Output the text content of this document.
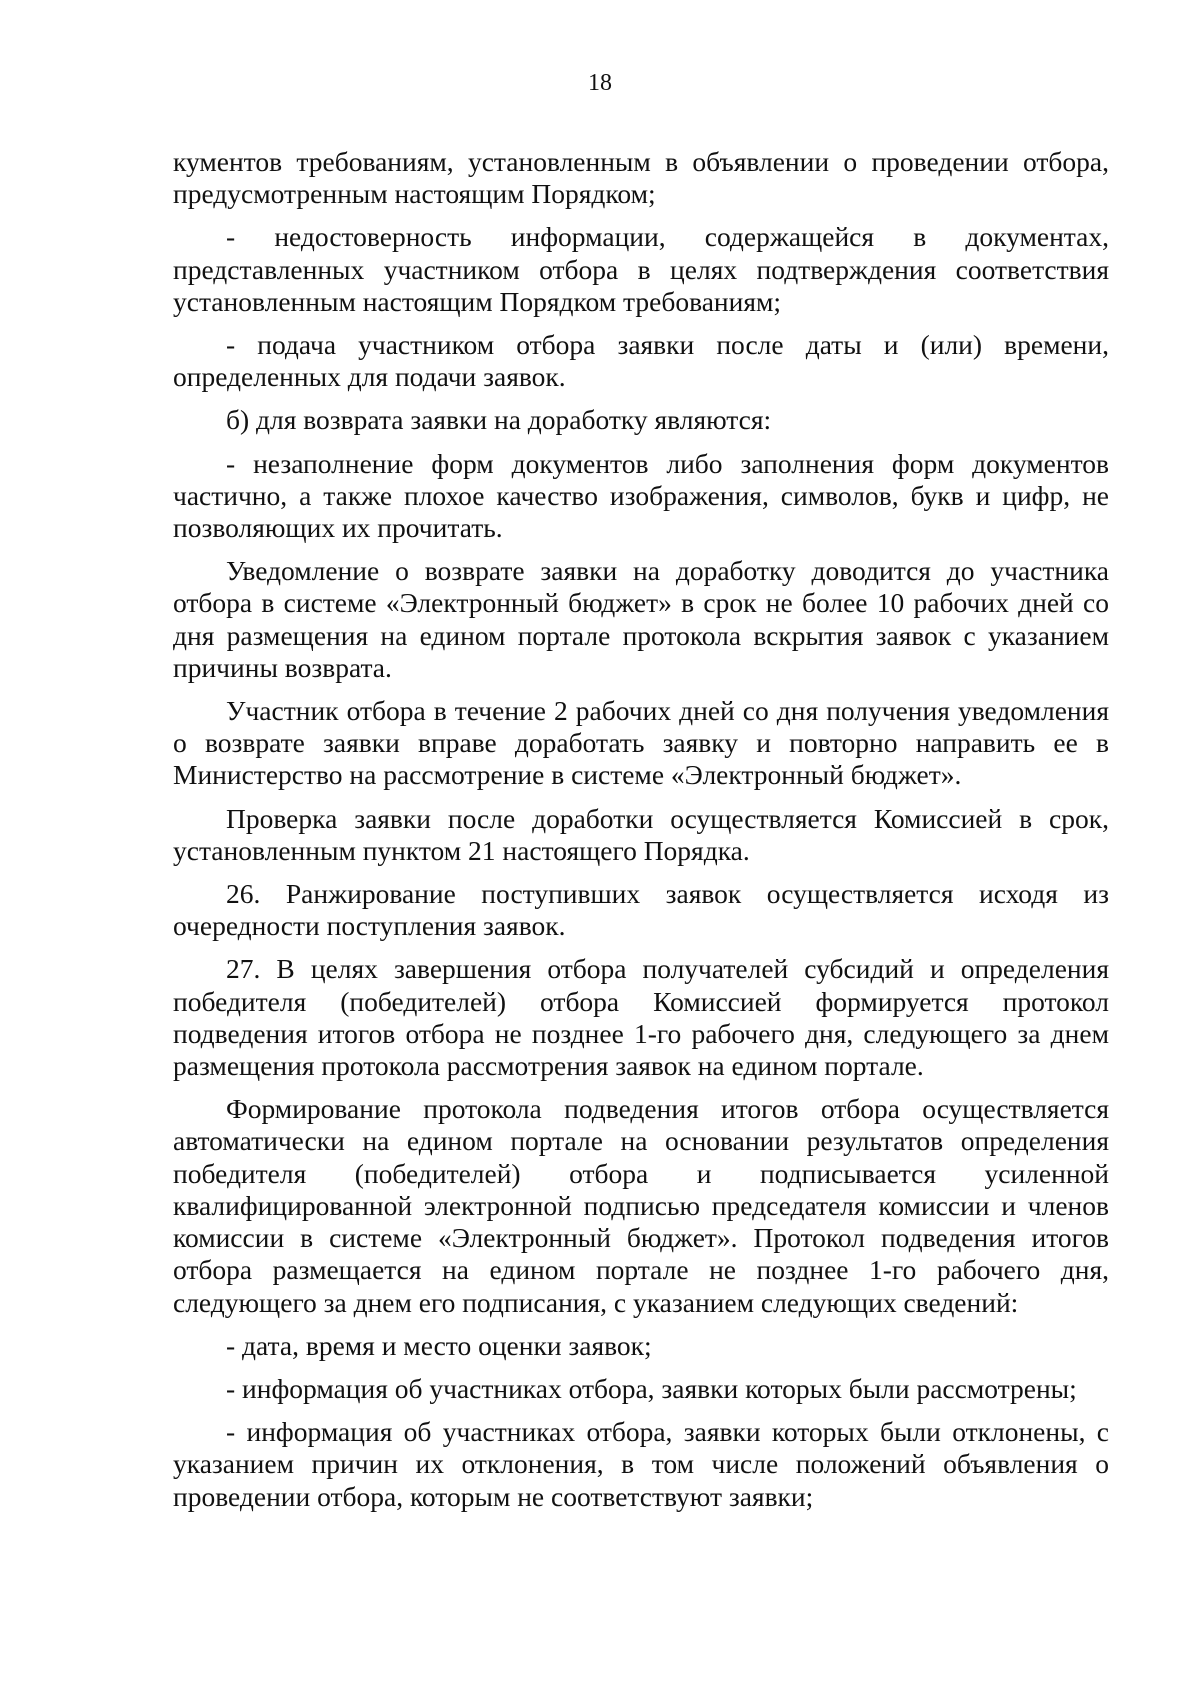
18

кументов требованиям, установленным в объявлении о проведении отбора, предусмотренным настоящим Порядком;

- недостоверность информации, содержащейся в документах, представленных участником отбора в целях подтверждения соответствия установленным настоящим Порядком требованиям;

- подача участником отбора заявки после даты и (или) времени, определенных для подачи заявок.

б) для возврата заявки на доработку являются:

- незаполнение форм документов либо заполнения форм документов частично, а также плохое качество изображения, символов, букв и цифр, не позволяющих их прочитать.

Уведомление о возврате заявки на доработку доводится до участника отбора в системе «Электронный бюджет» в срок не более 10 рабочих дней со дня размещения на едином портале протокола вскрытия заявок с указанием причины возврата.

Участник отбора в течение 2 рабочих дней со дня получения уведомления о возврате заявки вправе доработать заявку и повторно направить ее в Министерство на рассмотрение в системе «Электронный бюджет».

Проверка заявки после доработки осуществляется Комиссией в срок, установленным пунктом 21 настоящего Порядка.

26. Ранжирование поступивших заявок осуществляется исходя из очередности поступления заявок.

27. В целях завершения отбора получателей субсидий и определения победителя (победителей) отбора Комиссией формируется протокол подведения итогов отбора не позднее 1-го рабочего дня, следующего за днем размещения протокола рассмотрения заявок на едином портале.

Формирование протокола подведения итогов отбора осуществляется автоматически на едином портале на основании результатов определения победителя (победителей) отбора и подписывается усиленной квалифицированной электронной подписью председателя комиссии и членов комиссии в системе «Электронный бюджет». Протокол подведения итогов отбора размещается на едином портале не позднее 1-го рабочего дня, следующего за днем его подписания, с указанием следующих сведений:

- дата, время и место оценки заявок;

- информация об участниках отбора, заявки которых были рассмотрены;

- информация об участниках отбора, заявки которых были отклонены, с указанием причин их отклонения, в том числе положений объявления о проведении отбора, которым не соответствуют заявки;
